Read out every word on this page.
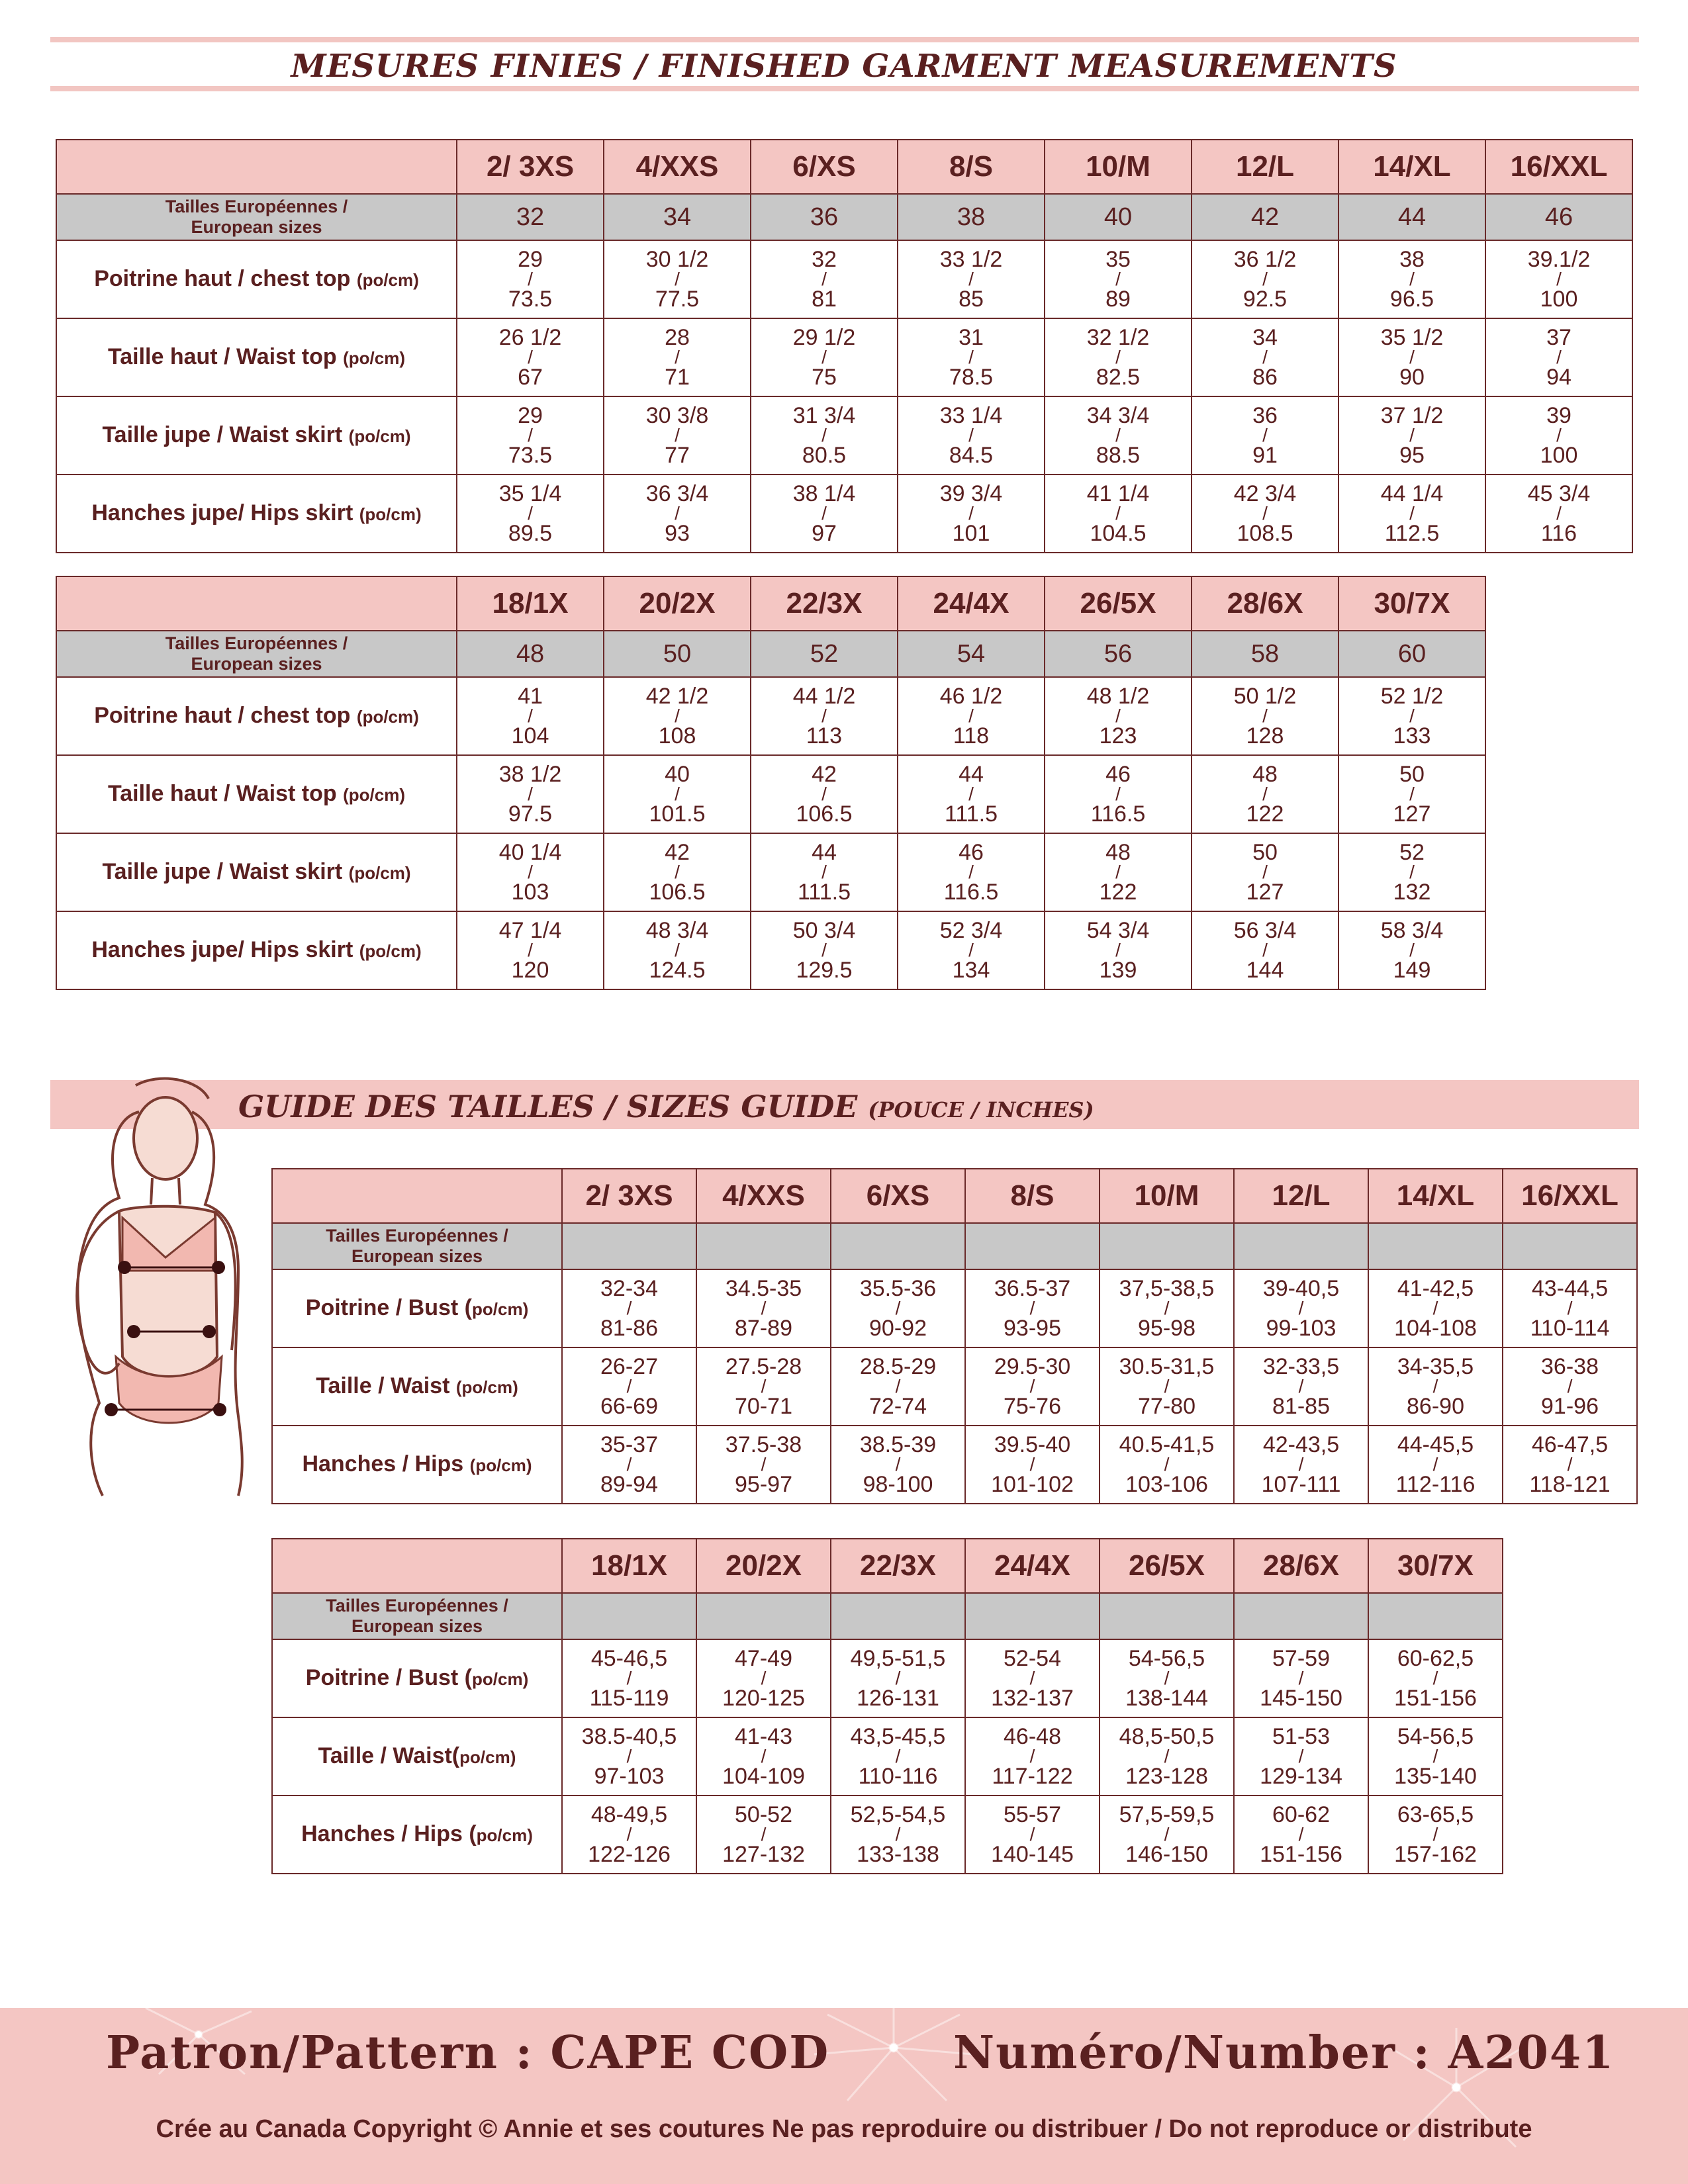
MESURES FINIES / FINISHED GARMENT MEASUREMENTS
	2/ 3XS	4/XXS	6/XS	8/S	10/M	12/L	14/XL	16/XXL

Tailles Européennes /
European sizes	32	34	36	38	40	42	44	46
Poitrine haut / chest top (po/cm)	29
/
73.5	30 1/2
/
77.5	32
/
81	33 1/2
/
85	35
/
89	36 1/2
/
92.5	38
/
96.5	39.1/2
/
100

Taille haut / Waist top (po/cm)	26 1/2
/
67	28
/
71	29 1/2
/
75	31
/
78.5	32 1/2
/
82.5	34
/
86	35 1/2
/
90	37
/
94

Taille jupe / Waist skirt (po/cm)	29
/
73.5	30 3/8
/
77	31 3/4
/
80.5	33 1/4
/
84.5	34 3/4
/
88.5	36
/
91	37 1/2
/
95	39
/
100

Hanches jupe/ Hips skirt (po/cm)	35 1/4
/
89.5	36 3/4
/
93	38 1/4
/
97	39 3/4
/
101	41 1/4
/
104.5	42 3/4
/
108.5	44 1/4
/
112.5	45 3/4
/
116
	18/1X	20/2X	22/3X	24/4X	26/5X	28/6X	30/7X

Tailles Européennes /
European sizes	48	50	52	54	56	58	60
Poitrine haut / chest top (po/cm)	41
/
104	42 1/2
/
108	44 1/2
/
113	46 1/2
/
118	48 1/2
/
123	50 1/2
/
128	52 1/2
/
133

Taille haut / Waist top (po/cm)	38 1/2
/
97.5	40
/
101.5	42
/
106.5	44
/
111.5	46
/
116.5	48
/
122	50
/
127

Taille jupe / Waist skirt (po/cm)	40 1/4
/
103	42
/
106.5	44
/
111.5	46
/
116.5	48
/
122	50
/
127	52
/
132

Hanches jupe/ Hips skirt (po/cm)	47 1/4
/
120	48 3/4
/
124.5	50 3/4
/
129.5	52 3/4
/
134	54 3/4
/
139	56 3/4
/
144	58 3/4
/
149
GUIDE DES TAILLES / SIZES GUIDE (POUCE / INCHES)
	2/ 3XS	4/XXS	6/XS	8/S	10/M	12/L	14/XL	16/XXL

Tailles Européennes /
European sizes								

Poitrine / Bust (po/cm)	32-34
/
81-86	34.5-35
/
87-89	35.5-36
/
90-92	36.5-37
/
93-95	37,5-38,5
/
95-98	39-40,5
/
99-103	41-42,5
/
104-108	43-44,5
/
110-114

Taille / Waist (po/cm)	26-27
/
66-69	27.5-28
/
70-71	28.5-29
/
72-74	29.5-30
/
75-76	30.5-31,5
/
77-80	32-33,5
/
81-85	34-35,5
/
86-90	36-38
/
91-96

Hanches / Hips (po/cm)	35-37
/
89-94	37.5-38
/
95-97	38.5-39
/
98-100	39.5-40
/
101-102	40.5-41,5
/
103-106	42-43,5
/
107-111	44-45,5
/
112-116	46-47,5
/
118-121
	18/1X	20/2X	22/3X	24/4X	26/5X	28/6X	30/7X

Tailles Européennes /
European sizes							

Poitrine / Bust (po/cm)	45-46,5
/
115-119	47-49
/
120-125	49,5-51,5
/
126-131	52-54
/
132-137	54-56,5
/
138-144	57-59
/
145-150	60-62,5
/
151-156

Taille / Waist(po/cm)	38.5-40,5
/
97-103	41-43
/
104-109	43,5-45,5
/
110-116	46-48
/
117-122	48,5-50,5
/
123-128	51-53
/
129-134	54-56,5
/
135-140

Hanches / Hips (po/cm)	48-49,5
/
122-126	50-52
/
127-132	52,5-54,5
/
133-138	55-57
/
140-145	57,5-59,5
/
146-150	60-62
/
151-156	63-65,5
/
157-162
Patron/Pattern : CAPE COD	Numéro/Number : A2041
Crée au Canada Copyright © Annie et ses coutures Ne pas reproduire ou distribuer / Do not reproduce or distribute
